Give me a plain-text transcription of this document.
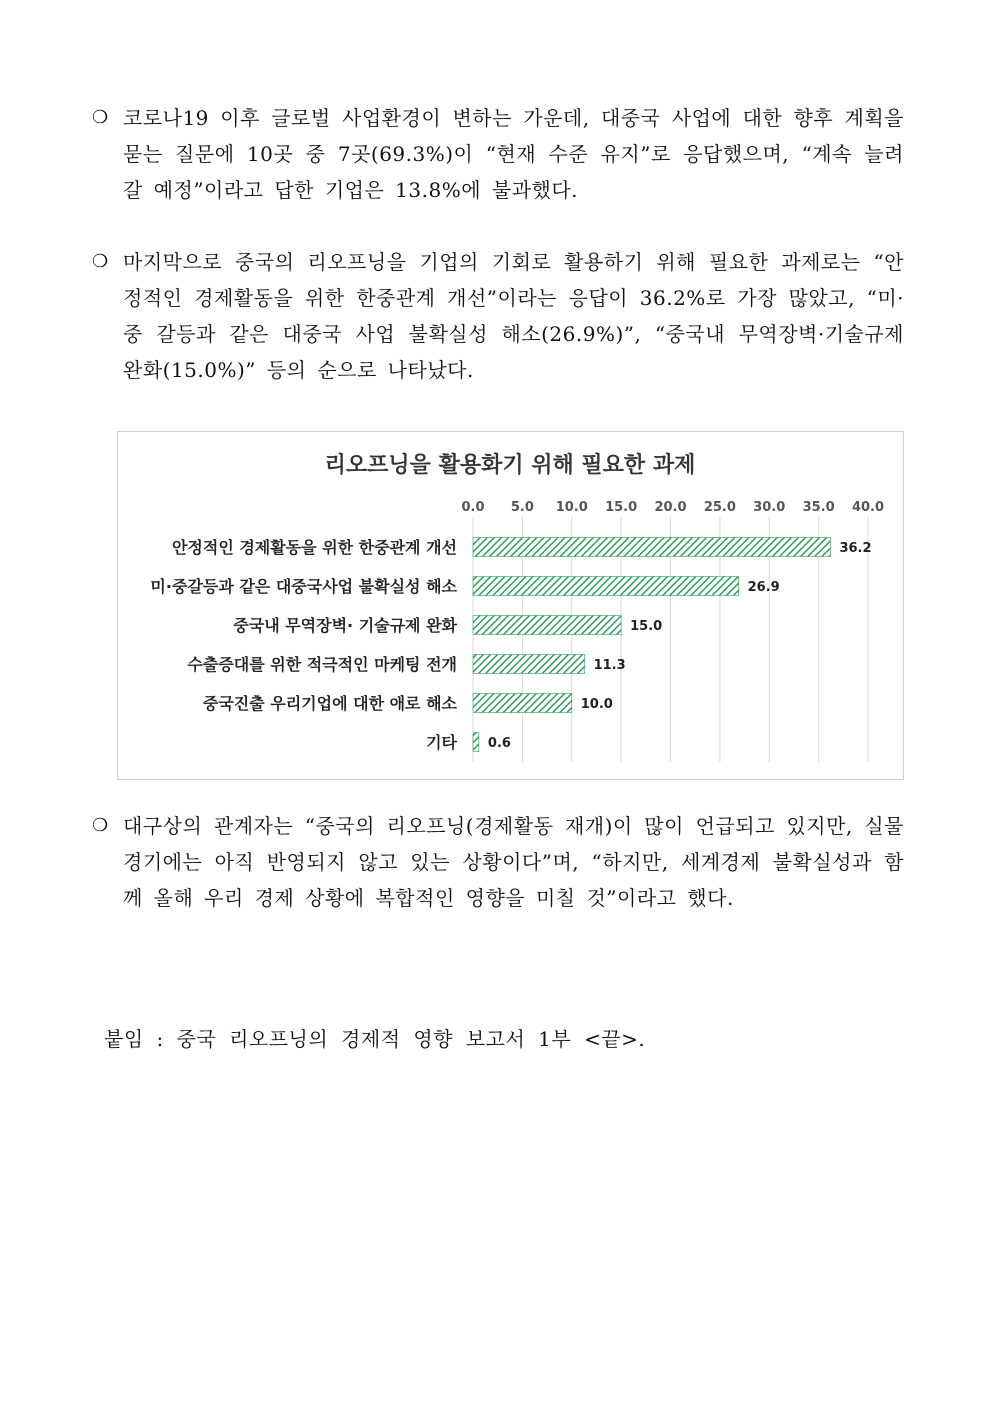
❍ 코로나19 이후 글로벌 사업환경이 변하는 가운데, 대중국 사업에 대한 향후 계획을 묻는 질문에 10곳 중 7곳(69.3%)이 “현재 수준 유지”로 응답했으며, “계속 늘려갈 예정”이라고 답한 기업은 13.8%에 불과했다.
❍ 마지막으로 중국의 리오프닝을 기업의 기회로 활용하기 위해 필요한 과제로는 “안정적인 경제활동을 위한 한중관계 개선”이라는 응답이 36.2%로 가장 많았고, “미·중 갈등과 같은 대중국 사업 불확실성 해소(26.9%)”, “중국내 무역장벽·기술규제 완화(15.0%)” 등의 순으로 나타났다.
리오프닝을 활용화기 위해 필요한 과제
0.0 5.0 10.0 15.0 20.0 25.0 30.0 35.0 40.0
안정적인 경제활동을 위한 한중관계 개선	36.2
미·중갈등과 같은 대중국사업 불확실성 해소	26.9
중국내 무역장벽· 기술규제 완화	15.0
수출증대를 위한 적극적인 마케팅 전개	11.3
중국진출 우리기업에 대한 애로 해소	10.0
기타 0.6
❍ 대구상의 관계자는 “중국의 리오프닝(경제활동 재개)이 많이 언급되고 있지만, 실물 경기에는 아직 반영되지 않고 있는 상황이다”며, “하지만, 세계경제 불확실성과 함께 올해 우리 경제 상황에 복합적인 영향을 미칠 것”이라고 했다.
붙임 : 중국 리오프닝의 경제적 영향 보고서 1부 <끝>.
